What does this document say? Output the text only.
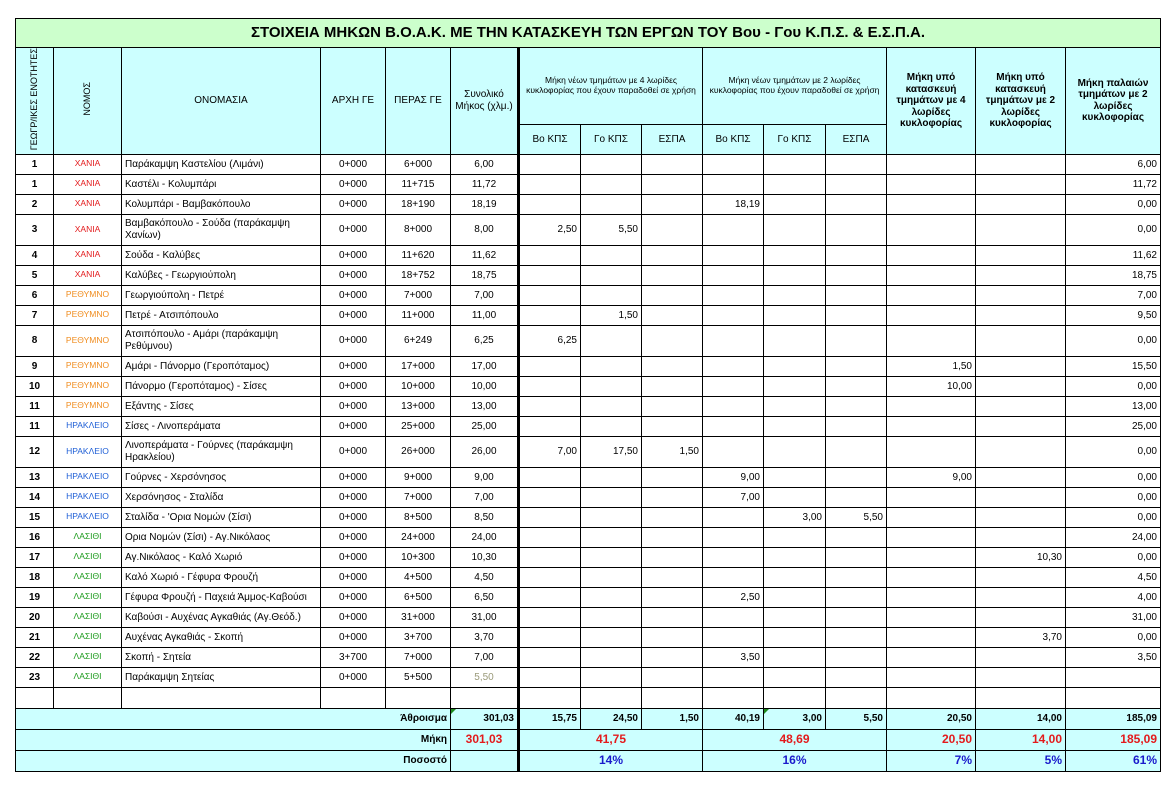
ΣΤΟΙΧΕΙΑ ΜΗΚΩΝ Β.Ο.Α.Κ. ΜΕ ΤΗΝ ΚΑΤΑΣΚΕΥΗ ΤΩΝ ΕΡΓΩΝ ΤΟΥ Βου - Γου Κ.Π.Σ. & Ε.Σ.Π.Α.														
ΓΕΩΓΡ/ΙΚΕΣ ΕΝΟΤΗΤΕΣ	ΝΟΜΟΣ	ΟΝΟΜΑΣΙΑ	ΑΡΧΗ ΓΕ	ΠΕΡΑΣ ΓΕ	Συνολικό Μήκος (χλμ.)	Μήκη νέων τμημάτων με 4 λωρίδες κυκλοφορίας που έχουν παραδοθεί σε χρήση			Μήκη νέων τμημάτων με 2 λωρίδες κυκλοφορίας που έχουν παραδοθεί σε χρήση			Μήκη υπό κατασκευή τμημάτων με 4 λωρίδες κυκλοφορίας	Μήκη υπό κατασκευή τμημάτων με 2 λωρίδες κυκλοφορίας	Μήκη παλαιών τμημάτων με 2 λωρίδες κυκλοφορίας
						Βο ΚΠΣ	Γο ΚΠΣ	ΕΣΠΑ	Βο ΚΠΣ	Γο ΚΠΣ	ΕΣΠΑ			
1	ΧΑΝΙΑ	Παράκαμψη Καστελίου (Λιμάνι)	0+000	6+000	6,00									6,00
1	ΧΑΝΙΑ	Καστέλι - Κολυμπάρι	0+000	11+715	11,72									11,72
2	ΧΑΝΙΑ	Κολυμπάρι - Βαμβακόπουλο	0+000	18+190	18,19				18,19					0,00
3	ΧΑΝΙΑ	Βαμβακόπουλο - Σούδα (παράκαμψη Χανίων)	0+000	8+000	8,00	2,50	5,50							0,00
4	ΧΑΝΙΑ	Σούδα - Καλύβες	0+000	11+620	11,62									11,62
5	ΧΑΝΙΑ	Καλύβες - Γεωργιούπολη	0+000	18+752	18,75									18,75
6	ΡΕΘΥΜΝΟ	Γεωργιούπολη - Πετρέ	0+000	7+000	7,00									7,00
7	ΡΕΘΥΜΝΟ	Πετρέ - Ατσιπόπουλο	0+000	11+000	11,00		1,50							9,50
8	ΡΕΘΥΜΝΟ	Ατσιπόπουλο - Αμάρι (παράκαμψη Ρεθύμνου)	0+000	6+249	6,25	6,25								0,00
9	ΡΕΘΥΜΝΟ	Αμάρι - Πάνορμο (Γεροπόταμος)	0+000	17+000	17,00							1,50		15,50
10	ΡΕΘΥΜΝΟ	Πάνορμο (Γεροπόταμος) - Σίσες	0+000	10+000	10,00							10,00		0,00
11	ΡΕΘΥΜΝΟ	Εξάντης - Σίσες	0+000	13+000	13,00									13,00
11	ΗΡΑΚΛΕΙΟ	Σίσες - Λινοπεράματα	0+000	25+000	25,00									25,00
12	ΗΡΑΚΛΕΙΟ	Λινοπεράματα - Γούρνες (παράκαμψη Ηρακλείου)	0+000	26+000	26,00	7,00	17,50	1,50						0,00
13	ΗΡΑΚΛΕΙΟ	Γούρνες - Χερσόνησος	0+000	9+000	9,00				9,00			9,00		0,00
14	ΗΡΑΚΛΕΙΟ	Χερσόνησος - Σταλίδα	0+000	7+000	7,00				7,00					0,00
15	ΗΡΑΚΛΕΙΟ	Σταλίδα - 'Ορια Νομών (Σίσι)	0+000	8+500	8,50					3,00	5,50			0,00
16	ΛΑΣΙΘΙ	Ορια Νομών (Σίσι) - Αγ.Νικόλαος	0+000	24+000	24,00									24,00
17	ΛΑΣΙΘΙ	Αγ.Νικόλαος - Καλό Χωριό	0+000	10+300	10,30								10,30	0,00
18	ΛΑΣΙΘΙ	Καλό Χωριό - Γέφυρα Φρουζή	0+000	4+500	4,50									4,50
19	ΛΑΣΙΘΙ	Γέφυρα Φρουζή - Παχειά Άμμος-Καβούσι	0+000	6+500	6,50				2,50					4,00
20	ΛΑΣΙΘΙ	Καβούσι - Αυχένας Αγκαθιάς (Αγ.Θεόδ.)	0+000	31+000	31,00									31,00
21	ΛΑΣΙΘΙ	Αυχένας Αγκαθιάς - Σκοπή	0+000	3+700	3,70								3,70	0,00
22	ΛΑΣΙΘΙ	Σκοπή - Σητεία	3+700	7+000	7,00				3,50					3,50
23	ΛΑΣΙΘΙ	Παράκαμψη Σητείας	0+000	5+500	5,50									

Άθροισμα					301,03	15,75	24,50	1,50	40,19	3,00	5,50	20,50	14,00	185,09
Μήκη					301,03	41,75			48,69			20,50	14,00	185,09
Ποσοστό						14%			16%			7%	5%	61%
